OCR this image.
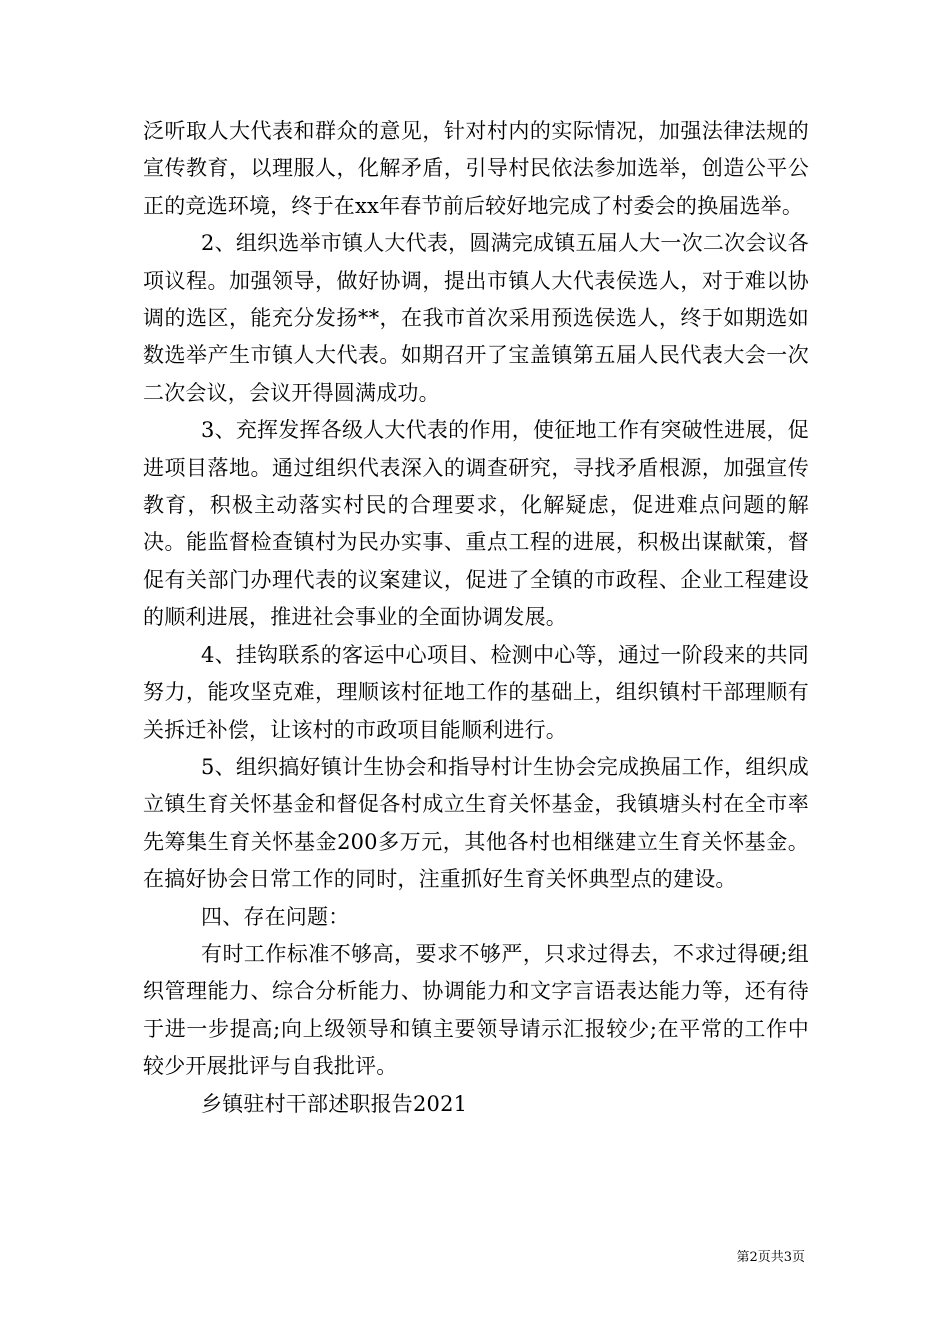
泛听取人大代表和群众的意见，针对村内的实际情况，加强法律法规的宣传教育，以理服人，化解矛盾，引导村民依法参加选举，创造公平公正的竞选环境，终于在xx年春节前后较好地完成了村委会的换届选举。

2、组织选举市镇人大代表，圆满完成镇五届人大一次二次会议各项议程。加强领导，做好协调，提出市镇人大代表侯选人，对于难以协调的选区，能充分发扬**，在我市首次采用预选侯选人，终于如期选如数选举产生市镇人大代表。如期召开了宝盖镇第五届人民代表大会一次二次会议，会议开得圆满成功。

3、充挥发挥各级人大代表的作用，使征地工作有突破性进展，促进项目落地。通过组织代表深入的调查研究，寻找矛盾根源，加强宣传教育，积极主动落实村民的合理要求，化解疑虑，促进难点问题的解决。能监督检查镇村为民办实事、重点工程的进展，积极出谋献策，督促有关部门办理代表的议案建议，促进了全镇的市政程、企业工程建设的顺利进展，推进社会事业的全面协调发展。

4、挂钩联系的客运中心项目、检测中心等，通过一阶段来的共同努力，能攻坚克难，理顺该村征地工作的基础上，组织镇村干部理顺有关拆迁补偿，让该村的市政项目能顺利进行。

5、组织搞好镇计生协会和指导村计生协会完成换届工作，组织成立镇生育关怀基金和督促各村成立生育关怀基金，我镇塘头村在全市率先筹集生育关怀基金200多万元，其他各村也相继建立生育关怀基金。在搞好协会日常工作的同时，注重抓好生育关怀典型点的建设。

四、存在问题：

有时工作标准不够高，要求不够严，只求过得去，不求过得硬;组织管理能力、综合分析能力、协调能力和文字言语表达能力等，还有待于进一步提高;向上级领导和镇主要领导请示汇报较少;在平常的工作中较少开展批评与自我批评。

乡镇驻村干部述职报告2021

第2页共3页
